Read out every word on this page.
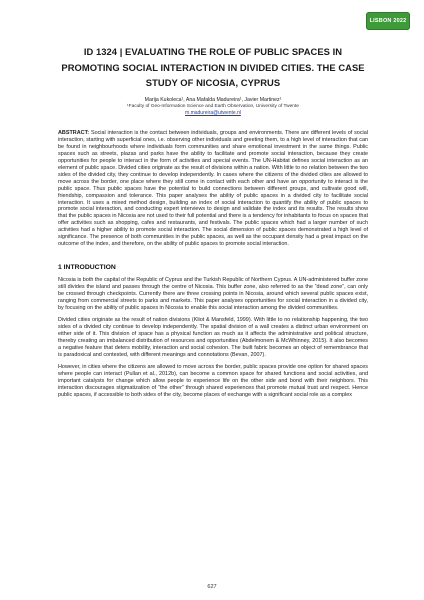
LISBON 2022
ID 1324 | EVALUATING THE ROLE OF PUBLIC SPACES IN PROMOTING SOCIAL INTERACTION IN DIVIDED CITIES. THE CASE STUDY OF NICOSIA, CYPRUS
Marija Kukoleca¹, Ana Mafalda Madureira¹, Javier Martinez¹
¹Faculty of Geo-Information Science and Earth Observation, University of Twente
m.madureira@utwente.nl
ABSTRACT: Social interaction is the contact between individuals, groups and environments. There are different levels of social interaction, starting with superficial ones, i.e. observing other individuals and greeting them, to a high level of interaction that can be found in neighbourhoods where individuals form communities and share emotional investment in the same things. Public spaces such as streets, plazas and parks have the ability to facilitate and promote social interaction, because they create opportunities for people to interact in the form of activities and special events. The UN-Habitat defines social interaction as an element of public space. Divided cities originate as the result of divisions within a nation. With little to no relation between the two sides of the divided city, they continue to develop independently. In cases where the citizens of the divided cities are allowed to move across the border, one place where they still come in contact with each other and have an opportunity to interact is the public space. Thus public spaces have the potential to build connections between different groups, and cultivate good will, friendship, compassion and tolerance. This paper analyses the ability of public spaces in a divided city to facilitate social interaction. It uses a mixed method design, building an index of social interaction to quantify the ability of public spaces to promote social interaction, and conducting expert interviews to design and validate the index and its results. The results show that the public spaces in Nicosia are not used to their full potential and there is a tendency for inhabitants to focus on spaces that offer activities such as shopping, cafes and restaurants, and festivals. The public spaces which had a larger number of such activities had a higher ability to promote social interaction. The social dimension of public spaces demonstrated a high level of significance. The presence of both communities in the public spaces, as well as the occupant density had a great impact on the outcome of the index, and therefore, on the ability of public spaces to promote social interaction.
1 INTRODUCTION

Nicosia is both the capital of the Republic of Cyprus and the Turkish Republic of Northern Cyprus. A UN-administered buffer zone still divides the island and passes through the centre of Nicosia. This buffer zone, also referred to as the “dead zone”, can only be crossed through checkpoints. Currently there are three crossing points in Nicosia, around which several public spaces exist, ranging from commercial streets to parks and markets. This paper analyses opportunities for social interaction in a divided city, by focusing on the ability of public spaces in Nicosia to enable this social interaction among the divided communities.

Divided cities originate as the result of nation divisions (Kliot & Mansfeld, 1999). With little to no relationship happening, the two sides of a divided city continue to develop independently. The spatial division of a wall creates a distinct urban environment on either side of it. This division of space has a physical function as much as it affects the administrative and political structure, thereby creating an imbalanced distribution of resources and opportunities (Abdelmonem & McWhinney, 2015). It also becomes a negative feature that deters mobility, interaction and social cohesion. The built fabric becomes an object of remembrance that is paradoxical and contested, with different meanings and connotations (Bevan, 2007).

However, in cities where the citizens are allowed to move across the border, public spaces provide one option for shared spaces where people can interact (Pullan et al., 2012b), can become a common space for shared functions and social activities, and important catalysts for change which allow people to experience life on the other side and bond with their neighbors. This interaction discourages stigmatization of “the other” through shared experiences that promote mutual trust and respect. Hence public spaces, if accessible to both sides of the city, become places of exchange with a significant social role as a complex

627
